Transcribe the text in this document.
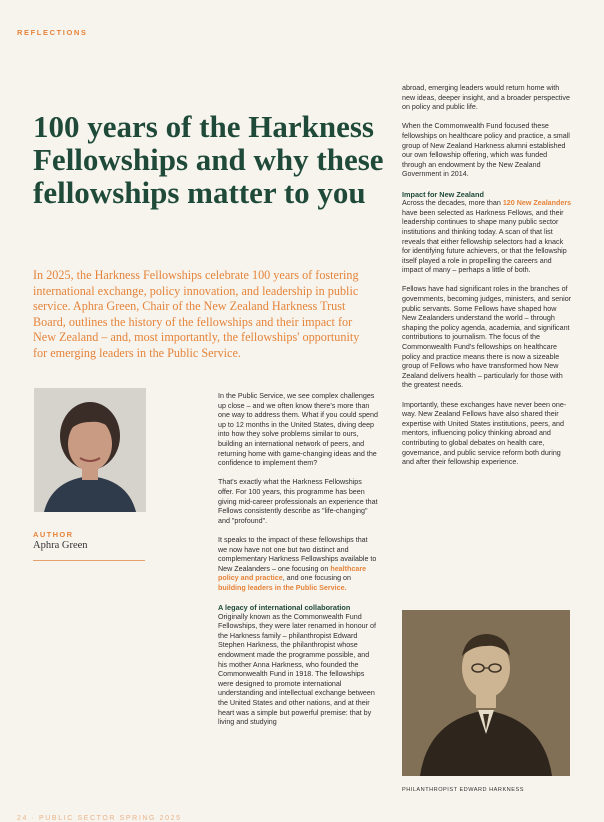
REFLECTIONS
100 years of the Harkness Fellowships and why these fellowships matter to you
In 2025, the Harkness Fellowships celebrate 100 years of fostering international exchange, policy innovation, and leadership in public service. Aphra Green, Chair of the New Zealand Harkness Trust Board, outlines the history of the fellowships and their impact for New Zealand – and, most importantly, the fellowships' opportunity for emerging leaders in the Public Service.
AUTHOR
Aphra Green

In the Public Service, we see complex challenges up close – and we often know there's more than one way to address them. What if you could spend up to 12 months in the United States, diving deep into how they solve problems similar to ours, building an international network of peers, and returning home with game-changing ideas and the confidence to implement them?

That's exactly what the Harkness Fellowships offer. For 100 years, this programme has been giving mid-career professionals an experience that Fellows consistently describe as "life-changing" and "profound".

It speaks to the impact of these fellowships that we now have not one but two distinct and complementary Harkness Fellowships available to New Zealanders – one focusing on healthcare policy and practice, and one focusing on building leaders in the Public Service.

A legacy of international collaboration

Originally known as the Commonwealth Fund Fellowships, they were later renamed in honour of the Harkness family – philanthropist Edward Stephen Harkness, the philanthropist whose endowment made the programme possible, and his mother Anna Harkness, who founded the Commonwealth Fund in 1918. The fellowships were designed to promote international understanding and intellectual exchange between the United States and other nations, and at their heart was a simple but powerful premise: that by living and studying

abroad, emerging leaders would return home with new ideas, deeper insight, and a broader perspective on policy and public life.

When the Commonwealth Fund focused these fellowships on healthcare policy and practice, a small group of New Zealand Harkness alumni established our own fellowship offering, which was funded through an endowment by the New Zealand Government in 2014.

Impact for New Zealand

Across the decades, more than 120 New Zealanders have been selected as Harkness Fellows, and their leadership continues to shape many public sector institutions and thinking today. A scan of that list reveals that either fellowship selectors had a knack for identifying future achievers, or that the fellowship itself played a role in propelling the careers and impact of many – perhaps a little of both.

Fellows have had significant roles in the branches of governments, becoming judges, ministers, and senior public servants. Some Fellows have shaped how New Zealanders understand the world – through shaping the policy agenda, academia, and significant contributions to journalism. The focus of the Commonwealth Fund's fellowships on healthcare policy and practice means there is now a sizeable group of Fellows who have transformed how New Zealand delivers health – particularly for those with the greatest needs.

Importantly, these exchanges have never been one-way. New Zealand Fellows have also shared their expertise with United States institutions, peers, and mentors, influencing policy thinking abroad and contributing to global debates on health care, governance, and public service reform both during and after their fellowship experience.

PHILANTHROPIST EDWARD HARKNESS
24 · PUBLIC SECTOR SPRING 2025
